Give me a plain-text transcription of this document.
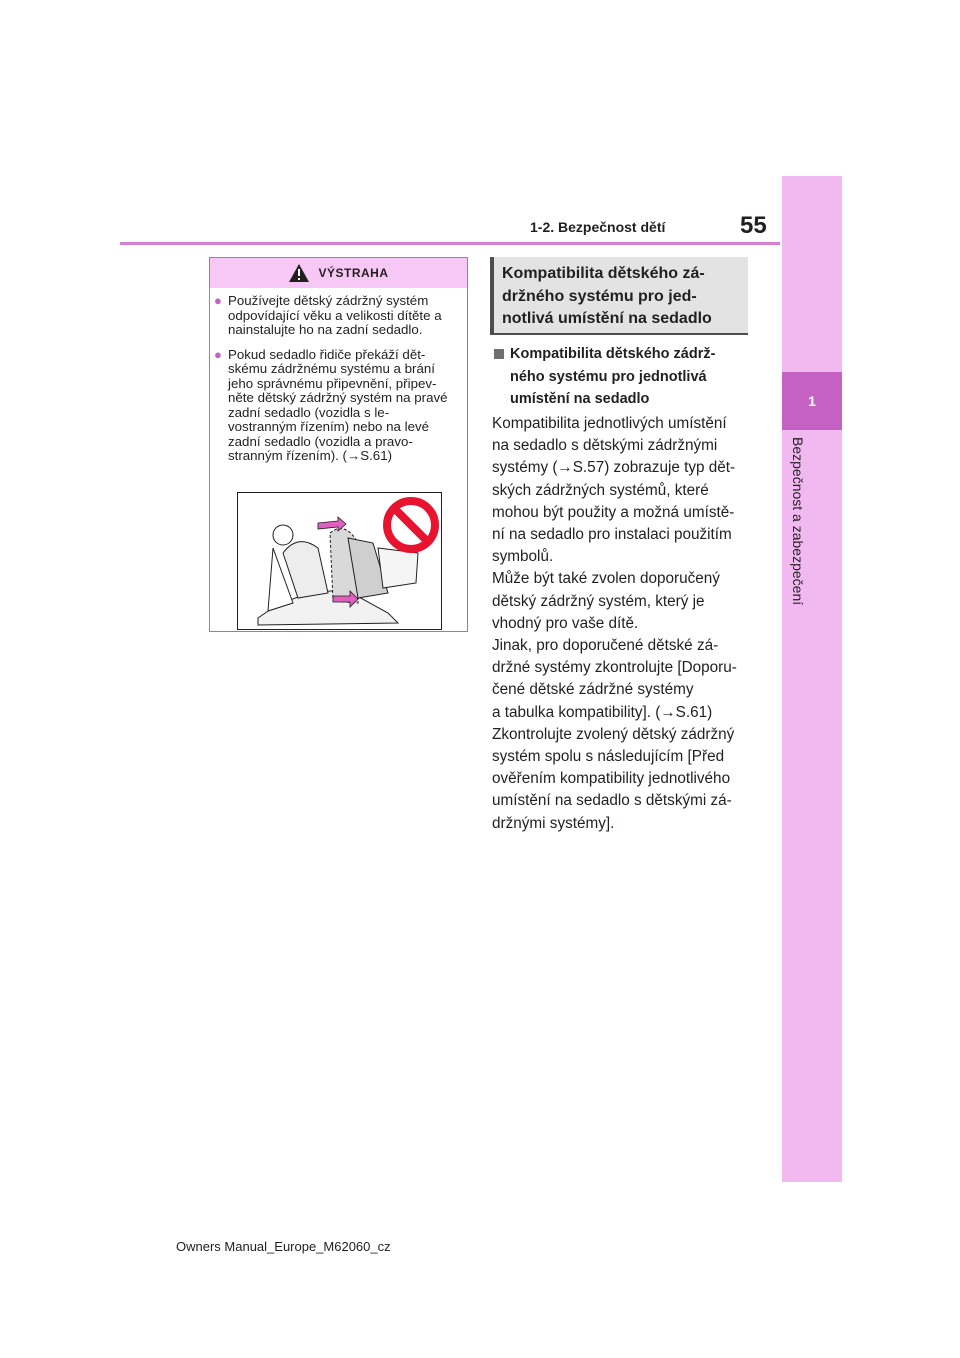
1
Bezpečnost a zabezpečení
55
1-2. Bezpečnost dětí
VÝSTRAHA
● Používejte dětský zádržný systém odpovídající věku a velikosti dítěte a nainstalujte ho na zadní sedadlo.
● Pokud sedadlo řidiče překáží dět-
skému zádržnému systému a brání jeho správnému připevnění, připev-
něte dětský zádržný systém na pravé zadní sedadlo (vozidla s le-
vostranným řízením) nebo na levé zadní sedadlo (vozidla a pravo-
stranným řízením). (→S.61)
Kompatibilita dětského zá-
držného systému pro jed-
notlivá umístění na sedadlo
Kompatibilita dětského zádrž-
ného systému pro jednotlivá
umístění na sedadlo
Kompatibilita jednotlivých umístění
na sedadlo s dětskými zádržnými
systémy (→S.57) zobrazuje typ dět-
ských zádržných systémů, které
mohou být použity a možná umístě-
ní na sedadlo pro instalaci použitím
symbolů.
Může být také zvolen doporučený
dětský zádržný systém, který je
vhodný pro vaše dítě.
Jinak, pro doporučené dětské zá-
držné systémy zkontrolujte [Doporu-
čené dětské zádržné systémy
a tabulka kompatibility]. (→S.61)
Zkontrolujte zvolený dětský zádržný
systém spolu s následujícím [Před
ověřením kompatibility jednotlivého
umístění na sedadlo s dětskými zá-
držnými systémy].
Owners Manual_Europe_M62060_cz
